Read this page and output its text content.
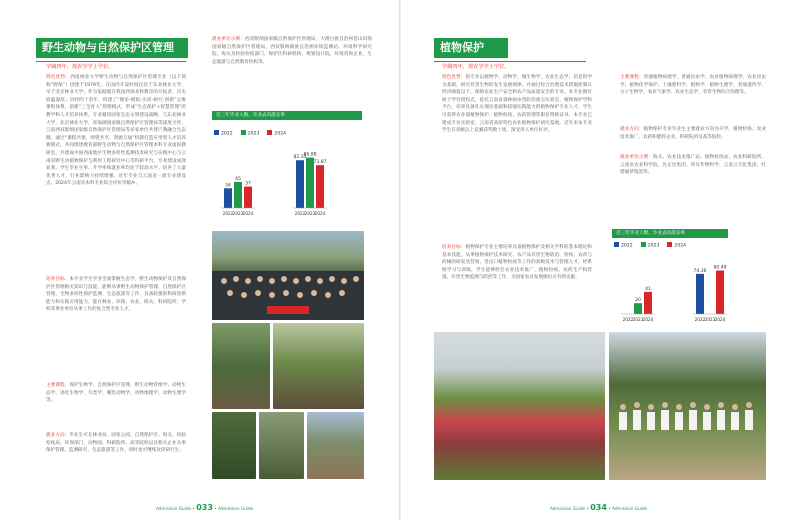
野生动物与自然保护区管理
学制四年，授农学学士学位。
特色优势：西南林业大学野生动物与自然保护区管理专业（以下简称“野保”）创建于1979年，在国内开设时间仅次于东北林业大学，早于北京林业大学；作为依据储在我国西部本科教育的开拓者，历史底蕴深厚；历经四十余年，构建了“理论-模拟-实训-研究-创新”五维课程体系，创新“三全育人”管理模式，形成“生态保护+智慧管理”的教学和人才培养体系。专业紧扣国家生态文明建设战略，与东北林业大学、北京林业大学、青海湖国家级自然保护区管理局等深度合作，云南西双版纳国家级自然保护区管理局等多家单位共建产教融合生态圈，通过“课程共建、师资共享、资源互通”机制打造应用型人才培养新模式，共同组建教育部野生动物与自然保护区管理本科专业虚拟教研室，共建成中国西南地区生物多样性监测技术研究与实践中心与云南省野生动植物保护与利用工程研究中心等科研平台，专业建设成效显著。学生毕业生率、升学率和就业率均处于较高水平。培养了大量优秀人才，行业影响力持续增强，近年专业与云南省一流专业建设点、2024年云南省本科专业综合评价等级A-。
培养目标：本专业学生学业全面掌握生态学、野生动物保护及自然保护区管理相关知识与技能，能够从事野生动物保护管理、自然保护区管理、生物多样性保护监测、生态旅游等工作，具备较强的科研创新能力和实践应用能力，能在林业、环保、农业、海关、科研院所、学校等事业单位从事工作的复合型专业人才。
主要课程：保护生物学、自然保护区管理、野生动物管理学、动物生态学、进化生物学、鸟类学、哺乳动物学、动物地理学、动物生理学等。
就业方向：毕业生可在林业局、国家公园、自然保护区、海关、检验检疫局、环保部门、动物园、科研院所、高等院校以及相关企业从事保护管理、监测研究、生态旅游等工作，同时也可继续攻读研究生。
就业单位示例：西双版纳国家级自然保护区管理局、大理白族自治州苍山洱海国家级自然保护区管理局、西双版纳傣族自治州环境监测站、环境科学研究院、海关及检验检疫部门、保护区科研机构、规划设计院、环境咨询企业、生态旅游与自然教育机构等。
近三年毕业人数、毕业去向落实率
2022	2023	2024
34
82.35
45
86.88
37
73.87
2022 2023 2024	2022 2023 2024
Admission Guide • 033 • Admission Guide
植物保护
学制四年，授农学学士学位。
特色优势：依专业以植物学、动物学、微生物学、农业生态学、信息科学为基础，研究有害生物的发生发展规律，并通过综合治理技术措施控制在经济阈值以下，保障农业生产安全和农产品质量安全的专业。本专业拥有硕士学位授权点，依托云南省森林病虫害防治重点实验室、植物保护学科平台，培养具备扎实理论基础和较强实践能力的植物保护专业人才。学生可获得农业部植物保护、植物检疫、农药管理等职业资格证书。本专业已建成专业实验室，云南省高原特色农业植物保护研究基地。近年来本专业学生在省级以上竞赛获奖数十项，深受用人单位好评。
培养目标：植物保护专业主要培养具备植物保护及相关学科的基本理论和基本技能，从事植物保护技术研究、农产品有害生物防治、检疫、农药与药械的研发及营销、进出口植物检疫等工作的高级技术与管理人才。经系统学习与训练，学生能够胜任农业技术推广、植物检疫、农药生产和营销、有害生物监测与防控等工作，为国家农业发展做出应有的贡献。
主要课程：普通植物病理学、普通昆虫学、农业植物病理学、农业昆虫学、植物化学保护、土壤肥料学、植物学、植物生理学、普通遗传学、分子生物学、农业气象学、农业生态学、有害生物综合治理等。
就业方向：植物保护专业毕业生主要就业方向为升学、植物检疫、农业技术推广、农药和肥料企业、科研院所及高等院校。
就业单位示例：海关、农业技术推广站、植物检疫站、农业科研院所、云南省农业科学院、先正达集团、拜耳作物科学、云南云天化集团、红塔烟草集团等。
近三年毕业人数、毕业去向落实率
2022	2023	2024
74.36
20
41
80.49
2022 2023 2024	2022 2023 2024
Admission Guide • 034 • Admission Guide
